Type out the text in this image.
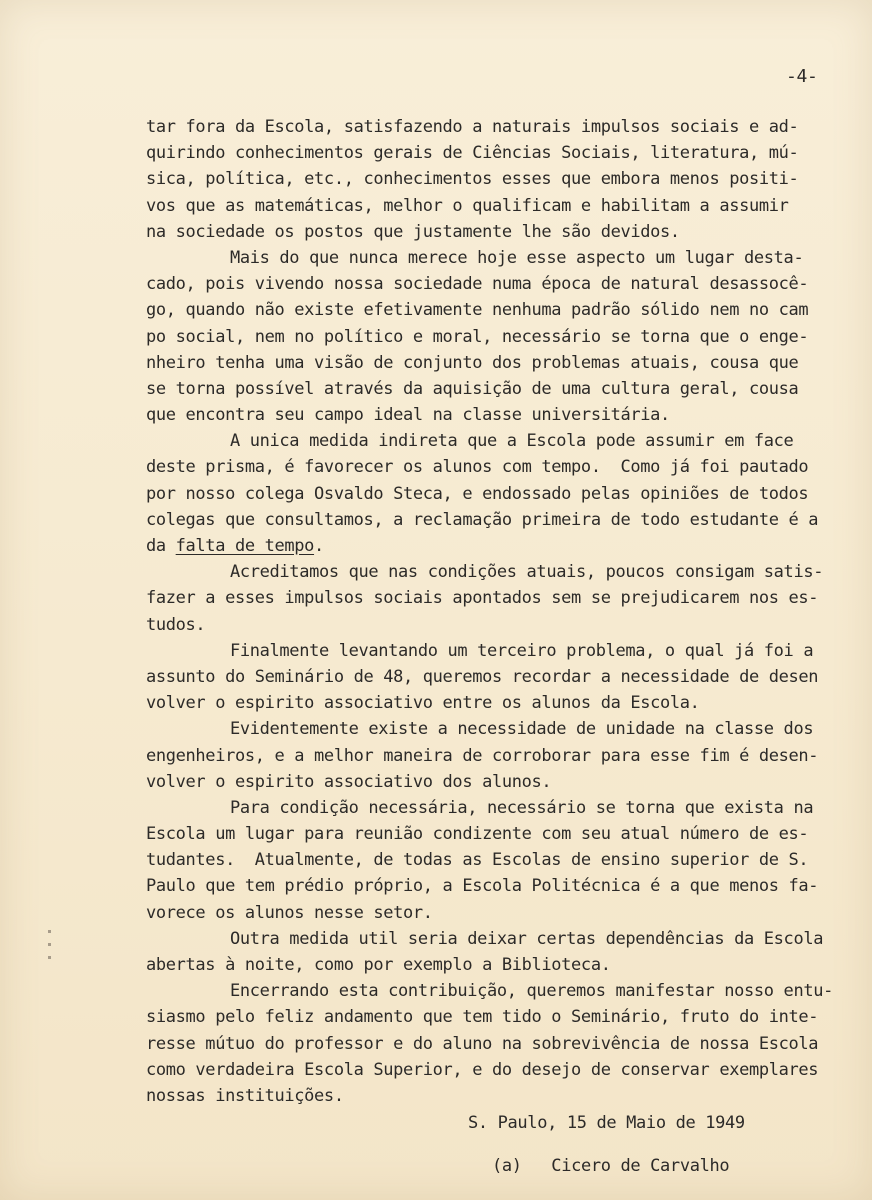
-4-
tar fora da Escola, satisfazendo a naturais impulsos sociais e ad-
quirindo conhecimentos gerais de Ciências Sociais, literatura, mú-
sica, política, etc., conhecimentos esses que embora menos positi-
vos que as matemáticas, melhor o qualificam e habilitam a assumir
na sociedade os postos que justamente lhe são devidos.
Mais do que nunca merece hoje esse aspecto um lugar desta-
cado, pois vivendo nossa sociedade numa época de natural desassocê-
go, quando não existe efetivamente nenhuma padrão sólido nem no cam
po social, nem no político e moral, necessário se torna que o enge-
nheiro tenha uma visão de conjunto dos problemas atuais, cousa que
se torna possível através da aquisição de uma cultura geral, cousa
que encontra seu campo ideal na classe universitária.
A unica medida indireta que a Escola pode assumir em face
deste prisma, é favorecer os alunos com tempo.  Como já foi pautado
por nosso colega Osvaldo Steca, e endossado pelas opiniões de todos
colegas que consultamos, a reclamação primeira de todo estudante é a
da falta de tempo.
Acreditamos que nas condições atuais, poucos consigam satis-
fazer a esses impulsos sociais apontados sem se prejudicarem nos es-
tudos.
Finalmente levantando um terceiro problema, o qual já foi a
assunto do Seminário de 48, queremos recordar a necessidade de desen
volver o espirito associativo entre os alunos da Escola.
Evidentemente existe a necessidade de unidade na classe dos
engenheiros, e a melhor maneira de corroborar para esse fim é desen-
volver o espirito associativo dos alunos.
Para condição necessária, necessário se torna que exista na
Escola um lugar para reunião condizente com seu atual número de es-
tudantes.  Atualmente, de todas as Escolas de ensino superior de S.
Paulo que tem prédio próprio, a Escola Politécnica é a que menos fa-
vorece os alunos nesse setor.
Outra medida util seria deixar certas dependências da Escola
abertas à noite, como por exemplo a Biblioteca.
Encerrando esta contribuição, queremos manifestar nosso entu-
siasmo pelo feliz andamento que tem tido o Seminário, fruto do inte-
resse mútuo do professor e do aluno na sobrevivência de nossa Escola
como verdadeira Escola Superior, e do desejo de conservar exemplares
nossas instituições.
S. Paulo, 15 de Maio de 1949
(a)   Cicero de Carvalho
